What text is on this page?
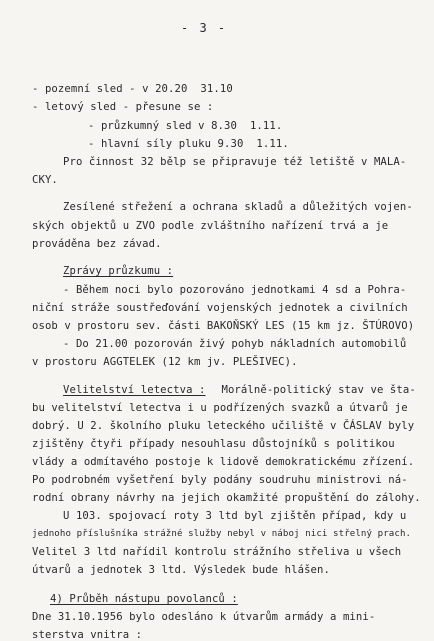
- 3 -
- pozemní sled - v 20.20  31.10
- letový sled - přesune se :
- průzkumný sled v 8.30  1.11.
- hlavní síly pluku 9.30  1.11.
Pro činnost 32 bělp se připravuje též letiště v MALA-
CKY.
Zesílené střežení a ochrana skladů a důležitých vojen-
ských objektů u ZVO podle zvláštního nařízení trvá a je
prováděna bez závad.
Zprávy průzkumu :
- Během noci bylo pozorováno jednotkami 4 sd a Pohra-
niční stráže soustřeďování vojenských jednotek a civilních
osob v prostoru sev. části BAKOŇSKÝ LES (15 km jz. ŠTÚROVO)
- Do 21.00 pozorován živý pohyb nákladních automobilů
v prostoru AGGTELEK (12 km jv. PLEŠIVEC).
Velitelství letectva : Morálně-politický stav ve šta-
bu velitelství letectva i u podřízených svazků a útvarů je
dobrý. U 2. školního pluku leteckého učiliště v ČÁSLAV byly
zjištěny čtyři případy nesouhlasu důstojníků s politikou
vlády a odmítavého postoje k lidově demokratickému zřízení.
Po podrobném vyšetření byly podány soudruhu ministrovi ná-
rodní obrany návrhy na jejich okamžité propuštění do zálohy.
U 103. spojovací roty 3 ltd byl zjištěn případ, kdy u
jednoho příslušníka strážné služby nebyl v náboj nici střelný prach.
Velitel 3 ltd nařídil kontrolu strážního střeliva u všech
útvarů a jednotek 3 ltd. Výsledek bude hlášen.
4) Průběh nástupu povolanců :
Dne 31.10.1956 bylo odesláno k útvarům armády a mini-
sterstva vnitra :
